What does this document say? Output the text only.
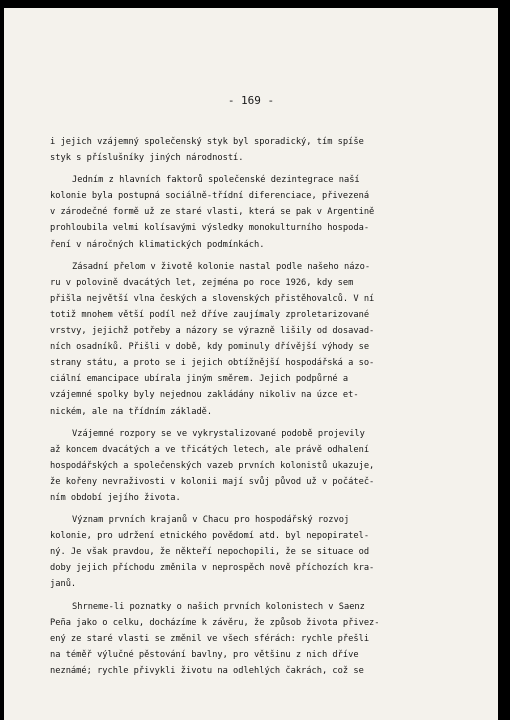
- 169 -
i jejich vzájemný společenský styk byl sporadický, tím spíše
styk s příslušníky jiných národností.
Jedním z hlavních faktorů společenské dezintegrace naší
kolonie byla postupná sociálně-třídní diferenciace, přivezená
v zárodečné formě už ze staré vlasti, která se pak v Argentině
prohloubila velmi kolísavými výsledky monokulturního hospoda-
ření v náročných klimatických podmínkách.
Zásadní přelom v životě kolonie nastal podle našeho názo-
ru v polovině dvacátých let, zejména po roce 1926, kdy sem
přišla největší vlna českých a slovenských přistěhovalců. V ní
totiž mnohem větší podíl než dříve zaujímaly zproletarizované
vrstvy, jejichž potřeby a názory se výrazně lišily od dosavad-
ních osadníků. Přišli v době, kdy pominuly dřívější výhody se
strany státu, a proto se i jejich obtížnější hospodářská a so-
ciální emancipace ubírala jiným směrem. Jejich podpůrné a
vzájemné spolky byly nejednou zakládány nikoliv na úzce et-
nickém, ale na třídním základě.
Vzájemné rozpory se ve vykrystalizované podobě projevily
až koncem dvacátých a ve třicátých letech, ale právě odhalení
hospodářských a společenských vazeb prvních kolonistů ukazuje,
že kořeny nevraživosti v kolonii mají svůj původ už v počáteč-
ním období jejího života.
Význam prvních krajanů v Chacu pro hospodářský rozvoj
kolonie, pro udržení etnického povědomí atd. byl nepopiratel-
ný. Je však pravdou, že někteří nepochopili, že se situace od
doby jejich příchodu změnila v neprospěch nově příchozích kra-
janů.
Shrneme-li poznatky o našich prvních kolonistech v Saenz
Peña jako o celku, docházíme k závěru, že způsob života přivez-
ený ze staré vlasti se změnil ve všech sférách: rychle přešli
na téměř výlučné pěstování bavlny, pro většinu z nich dříve
neznámé; rychle přivykli životu na odlehlých čakrách, což se
